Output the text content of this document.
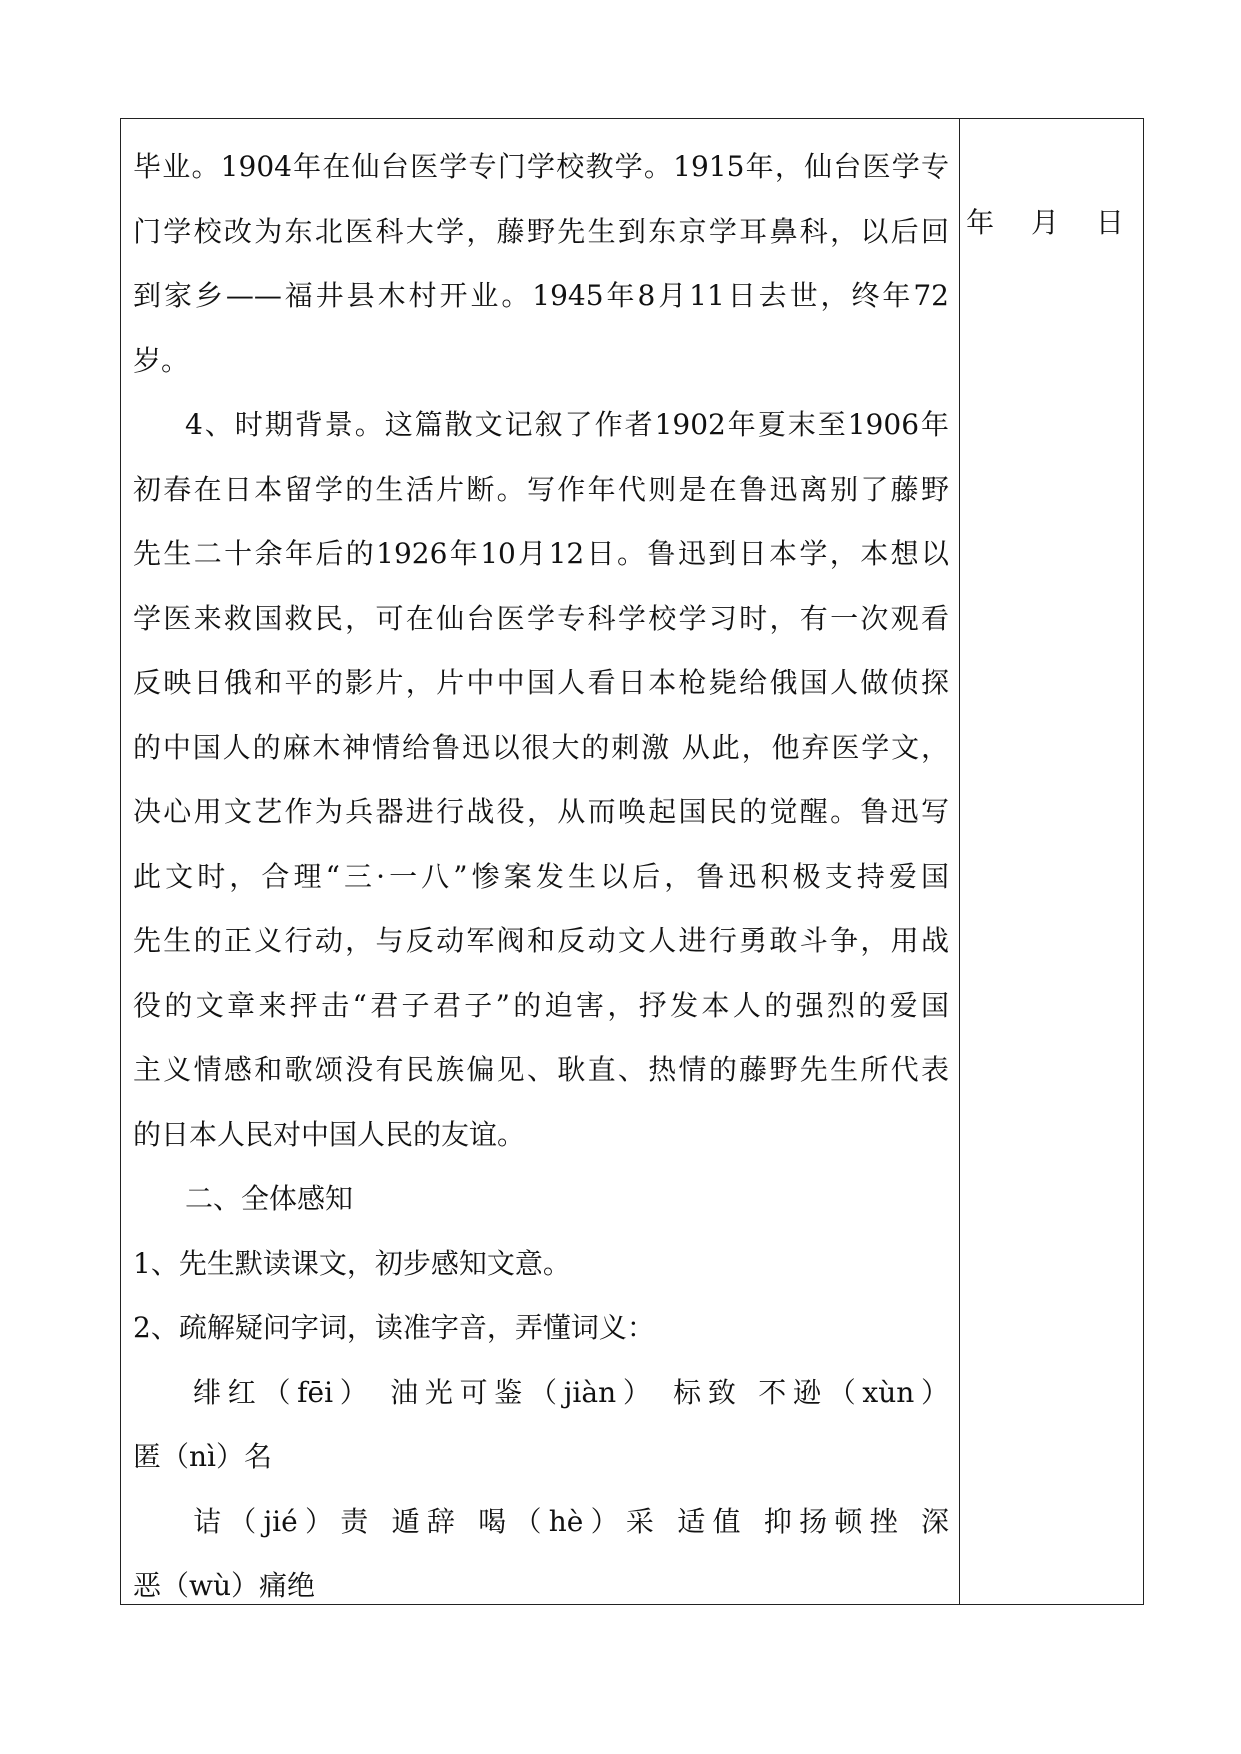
毕业。1904年在仙台医学专门学校教学。1915年，仙台医学专
门学校改为东北医科大学，藤野先生到东京学耳鼻科，以后回
到家乡——福井县木村开业。1945年8月11日去世，终年72
岁。
4、时期背景。这篇散文记叙了作者1902年夏末至1906年
初春在日本留学的生活片断。写作年代则是在鲁迅离别了藤野
先生二十余年后的1926年10月12日。鲁迅到日本学，本想以
学医来救国救民，可在仙台医学专科学校学习时，有一次观看
反映日俄和平的影片，片中中国人看日本枪毙给俄国人做侦探
的中国人的麻木神情给鲁迅以很大的刺激 从此，他弃医学文，
决心用文艺作为兵器进行战役，从而唤起国民的觉醒。鲁迅写
此文时，合理“三·一八”惨案发生以后，鲁迅积极支持爱国
先生的正义行动，与反动军阀和反动文人进行勇敢斗争，用战
役的文章来抨击“君子君子”的迫害，抒发本人的强烈的爱国
主义情感和歌颂没有民族偏见、耿直、热情的藤野先生所代表
的日本人民对中国人民的友谊。
二、全体感知
1、先生默读课文，初步感知文意。
2、疏解疑问字词，读准字音，弄懂词义：
绯红（fēi） 油光可鉴（jiàn） 标致 不逊（xùn）
匿（nì）名
诘（jié）责 遁辞 喝（hè）采 适值 抑扬顿挫 深
恶（wù）痛绝
年 月 日
